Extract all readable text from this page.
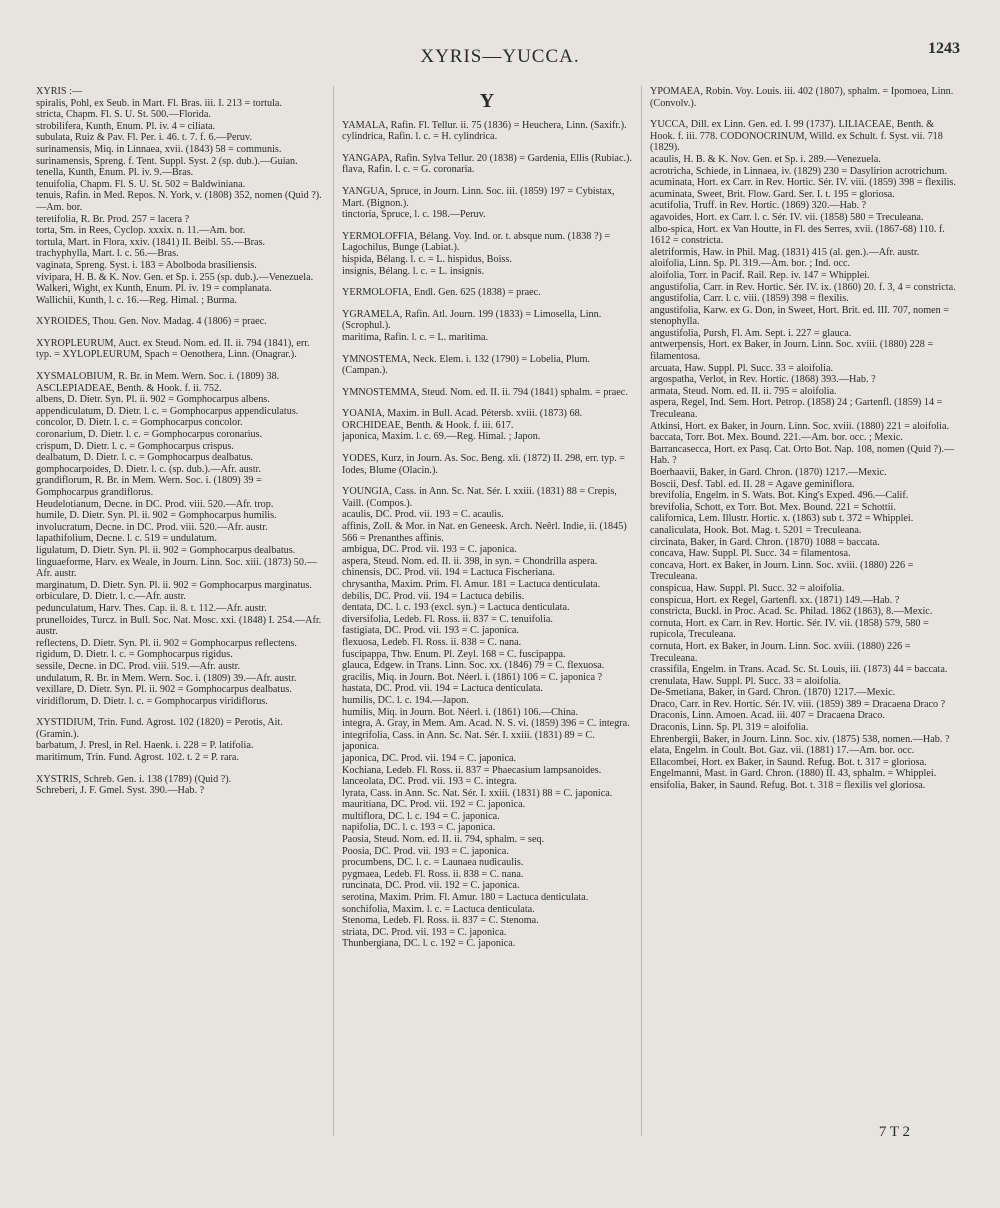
XYRIS—YUCCA.	1243
XYRIS :—
spiralis, Pohl, ex Seub. in Mart. Fl. Bras. iii. I. 213 = tortula.
stricta, Chapm. Fl. S. U. St. 500.—Florida.
strobilifera, Kunth, Enum. Pl. iv. 4 = ciliata.
subulata, Ruiz & Pav. Fl. Per. i. 46. t. 7. f. 6.—Peruv.
surinamensis, Miq. in Linnaea, xvii. (1843) 58 = communis.
surinamensis, Spreng. f. Tent. Suppl. Syst. 2 (sp. dub.).—Guian.
tenella, Kunth, Enum. Pl. iv. 9.—Bras.
tenuifolia, Chapm. Fl. S. U. St. 502 = Baldwiniana.
tenuis, Rafin. in Med. Repos. N. York, v. (1808) 352, nomen (Quid ?).—Am. bor.
teretifolia, R. Br. Prod. 257 = lacera ?
torta, Sm. in Rees, Cyclop. xxxix. n. 11.—Am. bor.
tortula, Mart. in Flora, xxiv. (1841) II. Beibl. 55.—Bras.
trachyphylla, Mart. l. c. 56.—Bras.
vaginata, Spreng. Syst. i. 183 = Abolboda brasiliensis.
vivipara, H. B. & K. Nov. Gen. et Sp. i. 255 (sp. dub.).—Venezuela.
Walkeri, Wight, ex Kunth, Enum. Pl. iv. 19 = complanata.
Wallichii, Kunth, l. c. 16.—Reg. Himal. ; Burma.
XYROIDES, Thou. Gen. Nov. Madag. 4 (1806) = praec.
XYROPLEURUM, Auct. ex Steud. Nom. ed. II. ii. 794 (1841), err. typ. = XYLOPLEURUM, Spach = Oenothera, Linn. (Onagrar.).
XYSMALOBIUM, R. Br. in Mem. Wern. Soc. i. (1809) 38. ASCLEPIADEAE, Benth. & Hook. f. ii. 752.
albens, D. Dietr. Syn. Pl. ii. 902 = Gomphocarpus albens.
appendiculatum, D. Dietr. l. c. = Gomphocarpus appendiculatus.
concolor, D. Dietr. l. c. = Gomphocarpus concolor.
coronarium, D. Dietr. l. c. = Gomphocarpus coronarius.
crispum, D. Dietr. l. c. = Gomphocarpus crispus.
dealbatum, D. Dietr. l. c. = Gomphocarpus dealbatus.
gomphocarpoides, D. Dietr. l. c. (sp. dub.).—Afr. austr.
grandiflorum, R. Br. in Mem. Wern. Soc. i. (1809) 39 = Gomphocarpus grandiflorus.
Heudelotianum, Decne. in DC. Prod. viii. 520.—Afr. trop.
humile, D. Dietr. Syn. Pl. ii. 902 = Gomphocarpus humilis.
involucratum, Decne. in DC. Prod. viii. 520.—Afr. austr.
lapathifolium, Decne. l. c. 519 = undulatum.
ligulatum, D. Dietr. Syn. Pl. ii. 902 = Gomphocarpus dealbatus.
linguaeforme, Harv. ex Weale, in Journ. Linn. Soc. xiii. (1873) 50.—Afr. austr.
marginatum, D. Dietr. Syn. Pl. ii. 902 = Gomphocarpus marginatus.
orbiculare, D. Dietr. l. c.—Afr. austr.
pedunculatum, Harv. Thes. Cap. ii. 8. t. 112.—Afr. austr.
prunelloides, Turcz. in Bull. Soc. Nat. Mosc. xxi. (1848) I. 254.—Afr. austr.
reflectens, D. Dietr. Syn. Pl. ii. 902 = Gomphocarpus reflectens.
rigidum, D. Dietr. l. c. = Gomphocarpus rigidus.
sessile, Decne. in DC. Prod. viii. 519.—Afr. austr.
undulatum, R. Br. in Mem. Wern. Soc. i. (1809) 39.—Afr. austr.
vexillare, D. Dietr. Syn. Pl. ii. 902 = Gomphocarpus dealbatus.
viridiflorum, D. Dietr. l. c. = Gomphocarpus viridiflorus.
XYSTIDIUM, Trin. Fund. Agrost. 102 (1820) = Perotis, Ait. (Gramin.).
barbatum, J. Presl, in Rel. Haenk. i. 228 = P. latifolia.
maritimum, Trin. Fund. Agrost. 102. t. 2 = P. rara.
XYSTRIS, Schreb. Gen. i. 138 (1789) (Quid ?).
Schreberi, J. F. Gmel. Syst. 390.—Hab. ?
Y
YAMALA, Rafin. Fl. Tellur. ii. 75 (1836) = Heuchera, Linn. (Saxifr.).
cylindrica, Rafin. l. c. = H. cylindrica.
YANGAPA, Rafin. Sylva Tellur. 20 (1838) = Gardenia, Ellis (Rubiac.).
flava, Rafin. l. c. = G. coronaria.
YANGUA, Spruce, in Journ. Linn. Soc. iii. (1859) 197 = Cybistax, Mart. (Bignon.).
tinctoria, Spruce, l. c. 198.—Peruv.
YERMOLOFFIA, Bélang. Voy. Ind. or. t. absque num. (1838 ?) = Lagochilus, Bunge (Labiat.).
hispida, Bélang. l. c. = L. hispidus, Boiss.
insignis, Bélang. l. c. = L. insignis.
YERMOLOFIA, Endl. Gen. 625 (1838) = praec.
YGRAMELA, Rafin. Atl. Journ. 199 (1833) = Limosella, Linn. (Scrophul.).
maritima, Rafin. l. c. = L. maritima.
YMNOSTEMA, Neck. Elem. i. 132 (1790) = Lobelia, Plum. (Campan.).
YMNOSTEMMA, Steud. Nom. ed. II. ii. 794 (1841) sphalm. = praec.
YOANIA, Maxim. in Bull. Acad. Pétersb. xviii. (1873) 68. ORCHIDEAE, Benth. & Hook. f. iii. 617.
japonica, Maxim. l. c. 69.—Reg. Himal. ; Japon.
YODES, Kurz, in Journ. As. Soc. Beng. xli. (1872) II. 298, err. typ. = Iodes, Blume (Olacin.).
YOUNGIA, Cass. in Ann. Sc. Nat. Sér. I. xxiii. (1831) 88 = Crepis, Vaill. (Compos.).
acaulis, DC. Prod. vii. 193 = C. acaulis.
affinis, Zoll. & Mor. in Nat. en Geneesk. Arch. Neêrl. Indie, ii. (1845) 566 = Prenanthes affinis.
ambigua, DC. Prod. vii. 193 = C. japonica.
aspera, Steud. Nom. ed. II. ii. 398, in syn. = Chondrilla aspera.
chinensis, DC. Prod. vii. 194 = Lactuca Fischeriana.
chrysantha, Maxim. Prim. Fl. Amur. 181 = Lactuca denticulata.
debilis, DC. Prod. vii. 194 = Lactuca debilis.
dentata, DC. l. c. 193 (excl. syn.) = Lactuca denticulata.
diversifolia, Ledeb. Fl. Ross. ii. 837 = C. tenuifolia.
fastigiata, DC. Prod. vii. 193 = C. japonica.
flexuosa, Ledeb. Fl. Ross. ii. 838 = C. nana.
fuscipappa, Thw. Enum. Pl. Zeyl. 168 = C. fuscipappa.
glauca, Edgew. in Trans. Linn. Soc. xx. (1846) 79 = C. flexuosa.
gracilis, Miq. in Journ. Bot. Néerl. i. (1861) 106 = C. japonica ?
hastata, DC. Prod. vii. 194 = Lactuca denticulata.
humilis, DC. l. c. 194.—Japon.
humilis, Miq. in Journ. Bot. Néerl. i. (1861) 106.—China.
integra, A. Gray, in Mem. Am. Acad. N. S. vi. (1859) 396 = C. integra.
integrifolia, Cass. in Ann. Sc. Nat. Sér. I. xxiii. (1831) 89 = C. japonica.
japonica, DC. Prod. vii. 194 = C. japonica.
Kochiana, Ledeb. Fl. Ross. ii. 837 = Phaecasium lampsanoides.
lanceolata, DC. Prod. vii. 193 = C. integra.
lyrata, Cass. in Ann. Sc. Nat. Sér. I. xxiii. (1831) 88 = C. japonica.
mauritiana, DC. Prod. vii. 192 = C. japonica.
multiflora, DC. l. c. 194 = C. japonica.
napifolia, DC. l. c. 193 = C. japonica.
Paosia, Steud. Nom. ed. II. ii. 794, sphalm. = seq.
Poosia, DC. Prod. vii. 193 = C. japonica.
procumbens, DC. l. c. = Launaea nudicaulis.
pygmaea, Ledeb. Fl. Ross. ii. 838 = C. nana.
runcinata, DC. Prod. vii. 192 = C. japonica.
serotina, Maxim. Prim. Fl. Amur. 180 = Lactuca denticulata.
sonchifolia, Maxim. l. c. = Lactuca denticulata.
Stenoma, Ledeb. Fl. Ross. ii. 837 = C. Stenoma.
striata, DC. Prod. vii. 193 = C. japonica.
Thunbergiana, DC. l. c. 192 = C. japonica.
YPOMAEA, Robin. Voy. Louis. iii. 402 (1807), sphalm. = Ipomoea, Linn. (Convolv.).
YUCCA, Dill. ex Linn. Gen. ed. I. 99 (1737). LILIACEAE, Benth. & Hook. f. iii. 778. CODONOCRINUM, Willd. ex Schult. f. Syst. vii. 718 (1829).
acaulis, H. B. & K. Nov. Gen. et Sp. i. 289.—Venezuela.
acrotricha, Schiede, in Linnaea, iv. (1829) 230 = Dasylirion acrotrichum.
acuminata, Hort. ex Carr. in Rev. Hortic. Sér. IV. viii. (1859) 398 = flexilis.
acuminata, Sweet, Brit. Flow. Gard. Ser. I. t. 195 = gloriosa.
acutifolia, Truff. in Rev. Hortic. (1869) 320.—Hab. ?
agavoides, Hort. ex Carr. l. c. Sér. IV. vii. (1858) 580 = Treculeana.
albo-spica, Hort. ex Van Houtte, in Fl. des Serres, xvii. (1867-68) 110. f. 1612 = constricta.
aletriformis, Haw. in Phil. Mag. (1831) 415 (al. gen.).—Afr. austr.
aloifolia, Linn. Sp. Pl. 319.—Am. bor. ; Ind. occ.
aloifolia, Torr. in Pacif. Rail. Rep. iv. 147 = Whipplei.
angustifolia, Carr. in Rev. Hortic. Sér. IV. ix. (1860) 20. f. 3, 4 = constricta.
angustifolia, Carr. l. c. viii. (1859) 398 = flexilis.
angustifolia, Karw. ex G. Don, in Sweet, Hort. Brit. ed. III. 707, nomen = stenophylla.
angustifolia, Pursh, Fl. Am. Sept. i. 227 = glauca.
antwerpensis, Hort. ex Baker, in Journ. Linn. Soc. xviii. (1880) 228 = filamentosa.
arcuata, Haw. Suppl. Pl. Succ. 33 = aloifolia.
argospatha, Verlot, in Rev. Hortic. (1868) 393.—Hab. ?
armata, Steud. Nom. ed. II. ii. 795 = aloifolia.
aspera, Regel, Ind. Sem. Hort. Petrop. (1858) 24 ; Gartenfl. (1859) 14 = Treculeana.
Atkinsi, Hort. ex Baker, in Journ. Linn. Soc. xviii. (1880) 221 = aloifolia.
baccata, Torr. Bot. Mex. Bound. 221.—Am. bor. occ. ; Mexic.
Barrancasecca, Hort. ex Pasq. Cat. Orto Bot. Nap. 108, nomen (Quid ?).—Hab. ?
Boerhaavii, Baker, in Gard. Chron. (1870) 1217.—Mexic.
Boscii, Desf. Tabl. ed. II. 28 = Agave geminiflora.
brevifolia, Engelm. in S. Wats. Bot. King's Exped. 496.—Calif.
brevifolia, Schott, ex Torr. Bot. Mex. Bound. 221 = Schottii.
californica, Lem. Illustr. Hortic. x. (1863) sub t. 372 = Whipplei.
canaliculata, Hook. Bot. Mag. t. 5201 = Treculeana.
circinata, Baker, in Gard. Chron. (1870) 1088 = baccata.
concava, Haw. Suppl. Pl. Succ. 34 = filamentosa.
concava, Hort. ex Baker, in Journ. Linn. Soc. xviii. (1880) 226 = Treculeana.
conspicua, Haw. Suppl. Pl. Succ. 32 = aloifolia.
conspicua, Hort. ex Regel, Gartenfl. xx. (1871) 149.—Hab. ?
constricta, Buckl. in Proc. Acad. Sc. Philad. 1862 (1863), 8.—Mexic.
cornuta, Hort. ex Carr. in Rev. Hortic. Sér. IV. vii. (1858) 579, 580 = rupicola, Treculeana.
cornuta, Hort. ex Baker, in Journ. Linn. Soc. xviii. (1880) 226 = Treculeana.
crassifila, Engelm. in Trans. Acad. Sc. St. Louis, iii. (1873) 44 = baccata.
crenulata, Haw. Suppl. Pl. Succ. 33 = aloifolia.
De-Smetiana, Baker, in Gard. Chron. (1870) 1217.—Mexic.
Draco, Carr. in Rev. Hortic. Sér. IV. viii. (1859) 389 = Dracaena Draco ?
Draconis, Linn. Amoen. Acad. iii. 407 = Dracaena Draco.
Draconis, Linn. Sp. Pl. 319 = aloifolia.
Ehrenbergii, Baker, in Journ. Linn. Soc. xiv. (1875) 538, nomen.—Hab. ?
elata, Engelm. in Coult. Bot. Gaz. vii. (1881) 17.—Am. bor. occ.
Ellacombei, Hort. ex Baker, in Saund. Refug. Bot. t. 317 = gloriosa.
Engelmanni, Mast. in Gard. Chron. (1880) II. 43, sphalm. = Whipplei.
ensifolia, Baker, in Saund. Refug. Bot. t. 318 = flexilis vel gloriosa.
7 T 2
